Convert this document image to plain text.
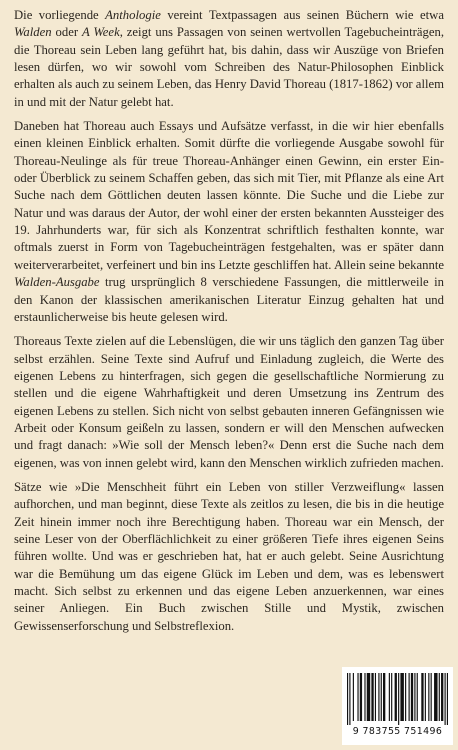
Die vorliegende Anthologie vereint Textpassagen aus seinen Büchern wie etwa Walden oder A Week, zeigt uns Passagen von seinen wertvollen Tagebucheinträgen, die Thoreau sein Leben lang geführt hat, bis dahin, dass wir Auszüge von Briefen lesen dürfen, wo wir sowohl vom Schreiben des Natur-Philosophen Einblick erhalten als auch zu seinem Leben, das Henry David Thoreau (1817-1862) vor allem in und mit der Natur gelebt hat.

Daneben hat Thoreau auch Essays und Aufsätze verfasst, in die wir hier ebenfalls einen kleinen Einblick erhalten. Somit dürfte die vorliegende Ausgabe sowohl für Thoreau-Neulinge als für treue Thoreau-Anhänger einen Gewinn, ein erster Ein- oder Überblick zu seinem Schaffen geben, das sich mit Tier, mit Pflanze als eine Art Suche nach dem Göttlichen deuten lassen könnte. Die Suche und die Liebe zur Natur und was daraus der Autor, der wohl einer der ersten bekannten Aussteiger des 19. Jahrhunderts war, für sich als Konzentrat schriftlich festhalten konnte, war oftmals zuerst in Form von Tagebucheinträgen festgehalten, was er später dann weiterverarbeitet, verfeinert und bin ins Letzte geschliffen hat. Allein seine bekannte Walden-Ausgabe trug ursprünglich 8 verschiedene Fassungen, die mittlerweile in den Kanon der klassischen amerikanischen Literatur Einzug gehalten hat und erstaunlicherweise bis heute gelesen wird.

Thoreaus Texte zielen auf die Lebenslügen, die wir uns täglich den ganzen Tag über selbst erzählen. Seine Texte sind Aufruf und Einladung zugleich, die Werte des eigenen Lebens zu hinterfragen, sich gegen die gesellschaftliche Normierung zu stellen und die eigene Wahrhaftigkeit und deren Umsetzung ins Zentrum des eigenen Lebens zu stellen. Sich nicht von selbst gebauten inneren Gefängnissen wie Arbeit oder Konsum geißeln zu lassen, sondern er will den Menschen aufwecken und fragt danach: »Wie soll der Mensch leben?« Denn erst die Suche nach dem eigenen, was von innen gelebt wird, kann den Menschen wirklich zufrieden machen.

Sätze wie »Die Menschheit führt ein Leben von stiller Verzweiflung« lassen aufhorchen, und man beginnt, diese Texte als zeitlos zu lesen, die bis in die heutige Zeit hinein immer noch ihre Berechtigung haben. Thoreau war ein Mensch, der seine Leser von der Oberflächlichkeit zu einer größeren Tiefe ihres eigenen Seins führen wollte. Und was er geschrieben hat, hat er auch gelebt. Seine Ausrichtung war die Bemühung um das eigene Glück im Leben und dem, was es lebenswert macht. Sich selbst zu erkennen und das eigene Leben anzuerkennen, war eines seiner Anliegen. Ein Buch zwischen Stille und Mystik, zwischen Gewissenserforschung und Selbstreflexion.

9 783755 751496
